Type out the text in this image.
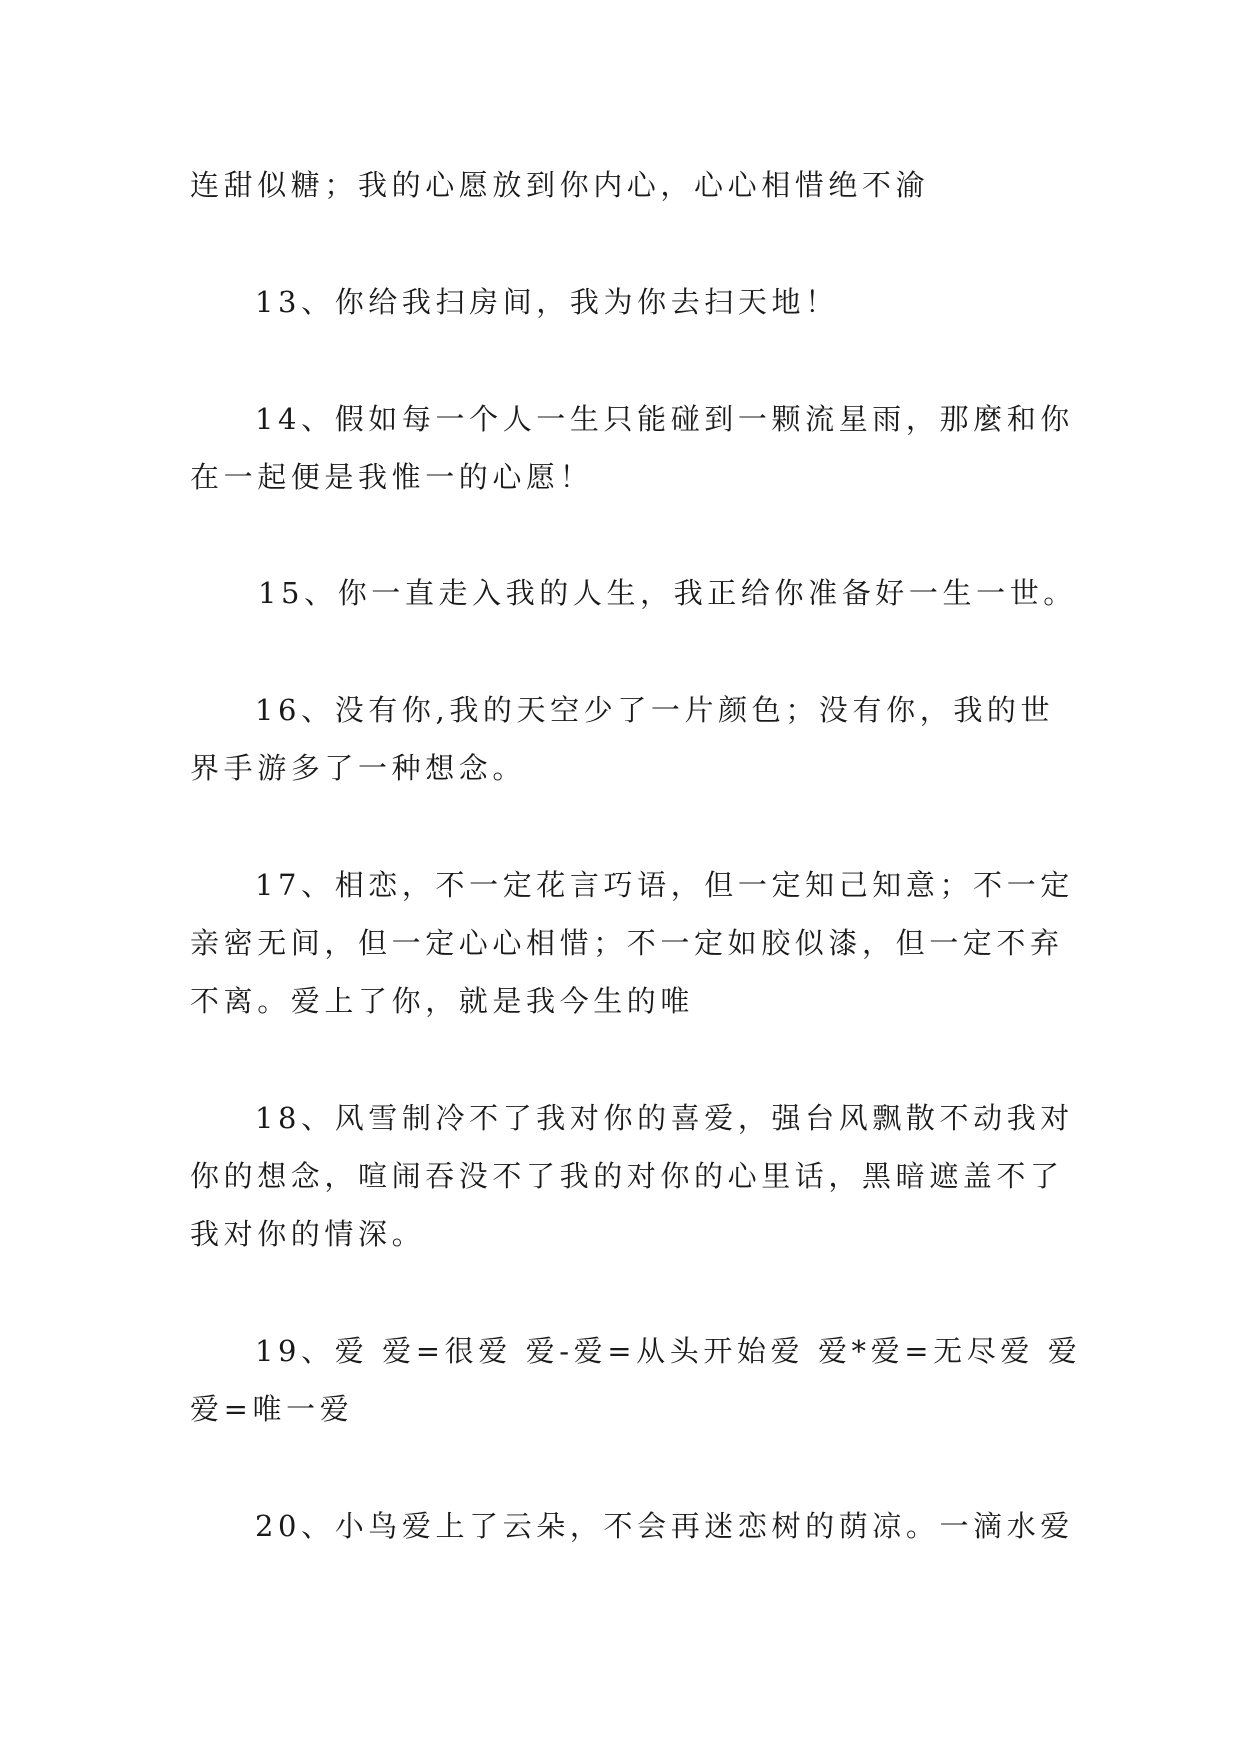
连甜似糖；我的心愿放到你内心，心心相惜绝不渝
13、你给我扫房间，我为你去扫天地！
14、假如每一个人一生只能碰到一颗流星雨，那麼和你
在一起便是我惟一的心愿！
15、你一直走入我的人生，我正给你准备好一生一世。
16、没有你,我的天空少了一片颜色；没有你，我的世
界手游多了一种想念。
17、相恋，不一定花言巧语，但一定知己知意；不一定
亲密无间，但一定心心相惜；不一定如胶似漆，但一定不弃
不离。爱上了你，就是我今生的唯
18、风雪制冷不了我对你的喜爱，强台风飘散不动我对
你的想念，喧闹吞没不了我的对你的心里话，黑暗遮盖不了
我对你的情深。
19、爱 爱=很爱 爱-爱=从头开始爱 爱*爱=无尽爱 爱
爱=唯一爱
20、小鸟爱上了云朵，不会再迷恋树的荫凉。一滴水爱
